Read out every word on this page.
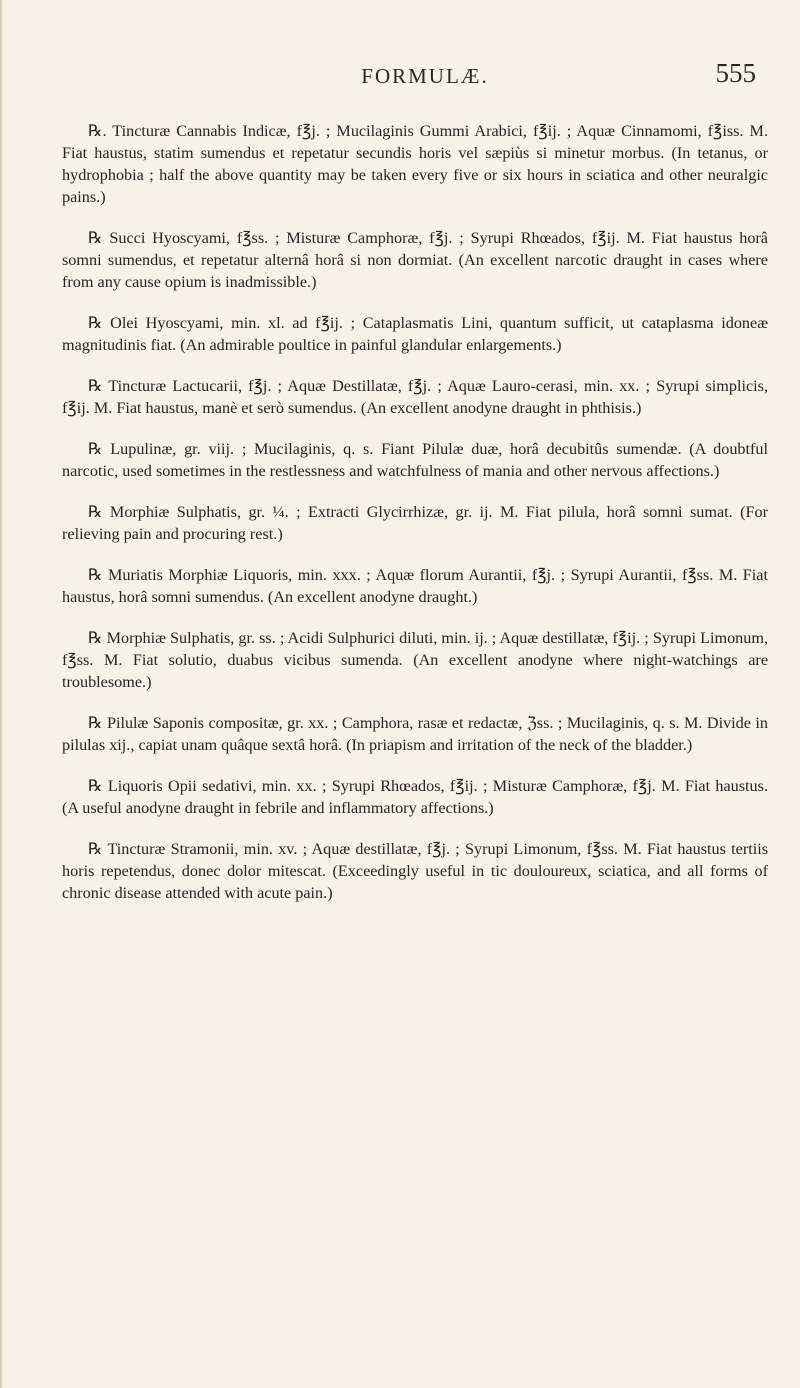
FORMULÆ.	555

℞. Tincturæ Cannabis Indicæ, f℥j. ; Mucilaginis Gummi Arabici, f℥ij. ; Aquæ Cinnamomi, f℥iss. M. Fiat haustus, statim sumendus et repetatur secundis horis vel sæpiùs si minetur morbus. (In tetanus, or hydrophobia ; half the above quantity may be taken every five or six hours in sciatica and other neuralgic pains.)

℞ Succi Hyoscyami, f℥ss. ; Misturæ Camphoræ, f℥j. ; Syrupi Rhœados, f℥ij. M. Fiat haustus horâ somni sumendus, et repetatur alternâ horâ si non dormiat. (An excellent narcotic draught in cases where from any cause opium is inadmissible.)

℞ Olei Hyoscyami, min. xl. ad f℥ij. ; Cataplasmatis Lini, quantum sufficit, ut cataplasma idoneæ magnitudinis fiat. (An admirable poultice in painful glandular enlargements.)

℞ Tincturæ Lactucarii, f℥j. ; Aquæ Destillatæ, f℥j. ; Aquæ Lauro-cerasi, min. xx. ; Syrupi simplicis, f℥ij. M. Fiat haustus, manè et serò sumendus. (An excellent anodyne draught in phthisis.)

℞ Lupulinæ, gr. viij. ; Mucilaginis, q. s. Fiant Pilulæ duæ, horâ decubitûs sumendæ. (A doubtful narcotic, used sometimes in the restlessness and watchfulness of mania and other nervous affections.)

℞ Morphiæ Sulphatis, gr. ¼. ; Extracti Glycirrhizæ, gr. ij. M. Fiat pilula, horâ somni sumat. (For relieving pain and procuring rest.)

℞ Muriatis Morphiæ Liquoris, min. xxx. ; Aquæ florum Aurantii, f℥j. ; Syrupi Aurantii, f℥ss. M. Fiat haustus, horâ somni sumendus. (An excellent anodyne draught.)

℞ Morphiæ Sulphatis, gr. ss. ; Acidi Sulphurici diluti, min. ij. ; Aquæ destillatæ, f℥ij. ; Syrupi Limonum, f℥ss. M. Fiat solutio, duabus vicibus sumenda. (An excellent anodyne where night-watchings are troublesome.)

℞ Pilulæ Saponis compositæ, gr. xx. ; Camphora, rasæ et redactæ, ℨss. ; Mucilaginis, q. s. M. Divide in pilulas xij., capiat unam quâque sextâ horâ. (In priapism and irritation of the neck of the bladder.)

℞ Liquoris Opii sedativi, min. xx. ; Syrupi Rhœados, f℥ij. ; Misturæ Camphoræ, f℥j. M. Fiat haustus. (A useful anodyne draught in febrile and inflammatory affections.)

℞ Tincturæ Stramonii, min. xv. ; Aquæ destillatæ, f℥j. ; Syrupi Limonum, f℥ss. M. Fiat haustus tertiis horis repetendus, donec dolor mitescat. (Exceedingly useful in tic douloureux, sciatica, and all forms of chronic disease attended with acute pain.)
